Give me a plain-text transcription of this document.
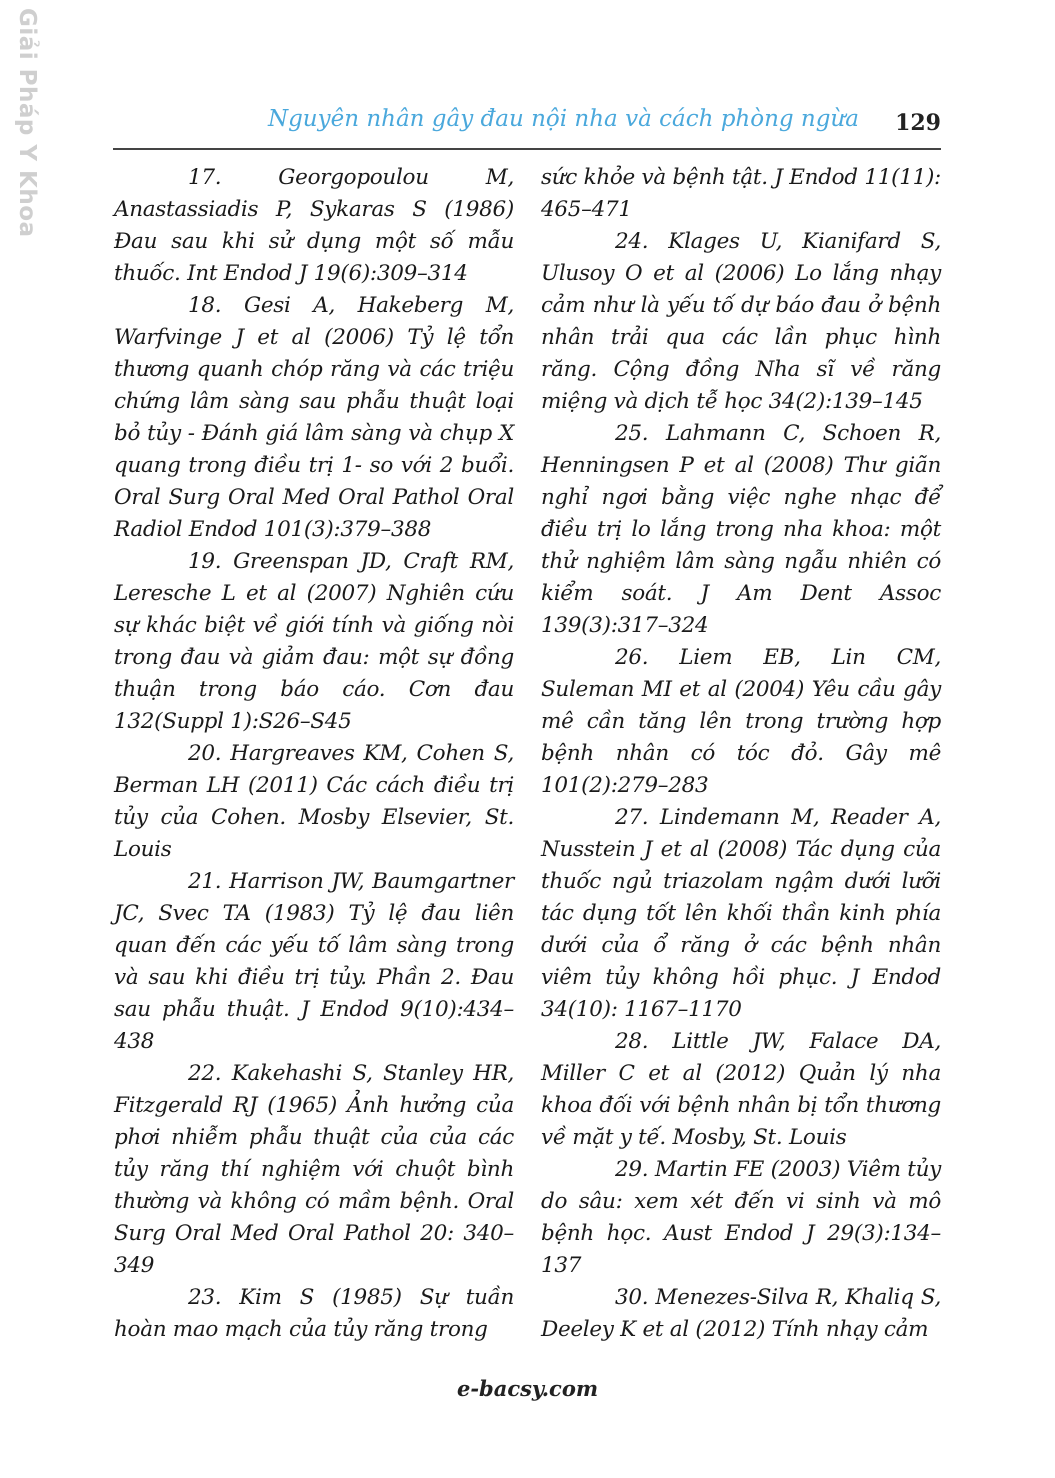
Giải Pháp Y Khoa	Nguyên nhân gây đau nội nha và cách phòng ngừa 129

17. Georgopoulou M, Anastassiadis P, Sykaras S (1986) Đau sau khi sử dụng một số mẫu thuốc. Int Endod J 19(6):309–314

18. Gesi A, Hakeberg M, Warfvinge J et al (2006) Tỷ lệ tổn thương quanh chóp răng và các triệu chứng lâm sàng sau phẫu thuật loại bỏ tủy - Đánh giá lâm sàng và chụp X quang trong điều trị 1- so với 2 buổi. Oral Surg Oral Med Oral Pathol Oral Radiol Endod 101(3):379–388

19. Greenspan JD, Craft RM, Leresche L et al (2007) Nghiên cứu sự khác biệt về giới tính và giống nòi trong đau và giảm đau: một sự đồng thuận trong báo cáo. Cơn đau 132(Suppl 1):S26–S45

20. Hargreaves KM, Cohen S, Berman LH (2011) Các cách điều trị tủy của Cohen. Mosby Elsevier, St. Louis

21. Harrison JW, Baumgartner JC, Svec TA (1983) Tỷ lệ đau liên quan đến các yếu tố lâm sàng trong và sau khi điều trị tủy. Phần 2. Đau sau phẫu thuật. J Endod 9(10):434–438

22. Kakehashi S, Stanley HR, Fitzgerald RJ (1965) Ảnh hưởng của phơi nhiễm phẫu thuật của của các tủy răng thí nghiệm với chuột bình thường và không có mầm bệnh. Oral Surg Oral Med Oral Pathol 20: 340–349

23. Kim S (1985) Sự tuần hoàn mao mạch của tủy răng trong

sức khỏe và bệnh tật. J Endod 11(11): 465–471

24. Klages U, Kianifard S, Ulusoy O et al (2006) Lo lắng nhạy cảm như là yếu tố dự báo đau ở bệnh nhân trải qua các lần phục hình răng. Cộng đồng Nha sĩ về răng miệng và dịch tễ học 34(2):139–145

25. Lahmann C, Schoen R, Henningsen P et al (2008) Thư giãn nghỉ ngơi bằng việc nghe nhạc để điều trị lo lắng trong nha khoa: một thử nghiệm lâm sàng ngẫu nhiên có kiểm soát. J Am Dent Assoc 139(3):317–324

26. Liem EB, Lin CM, Suleman MI et al (2004) Yêu cầu gây mê cần tăng lên trong trường hợp bệnh nhân có tóc đỏ. Gây mê 101(2):279–283

27. Lindemann M, Reader A, Nusstein J et al (2008) Tác dụng của thuốc ngủ triazolam ngậm dưới lưỡi tác dụng tốt lên khối thần kinh phía dưới của ổ răng ở các bệnh nhân viêm tủy không hồi phục. J Endod 34(10): 1167–1170

28. Little JW, Falace DA, Miller C et al (2012) Quản lý nha khoa đối với bệnh nhân bị tổn thương về mặt y tế. Mosby, St. Louis

29. Martin FE (2003) Viêm tủy do sâu: xem xét đến vi sinh và mô bệnh học. Aust Endod J 29(3):134–137

30. Menezes-Silva R, Khaliq S, Deeley K et al (2012) Tính nhạy cảm

e-bacsy.com
